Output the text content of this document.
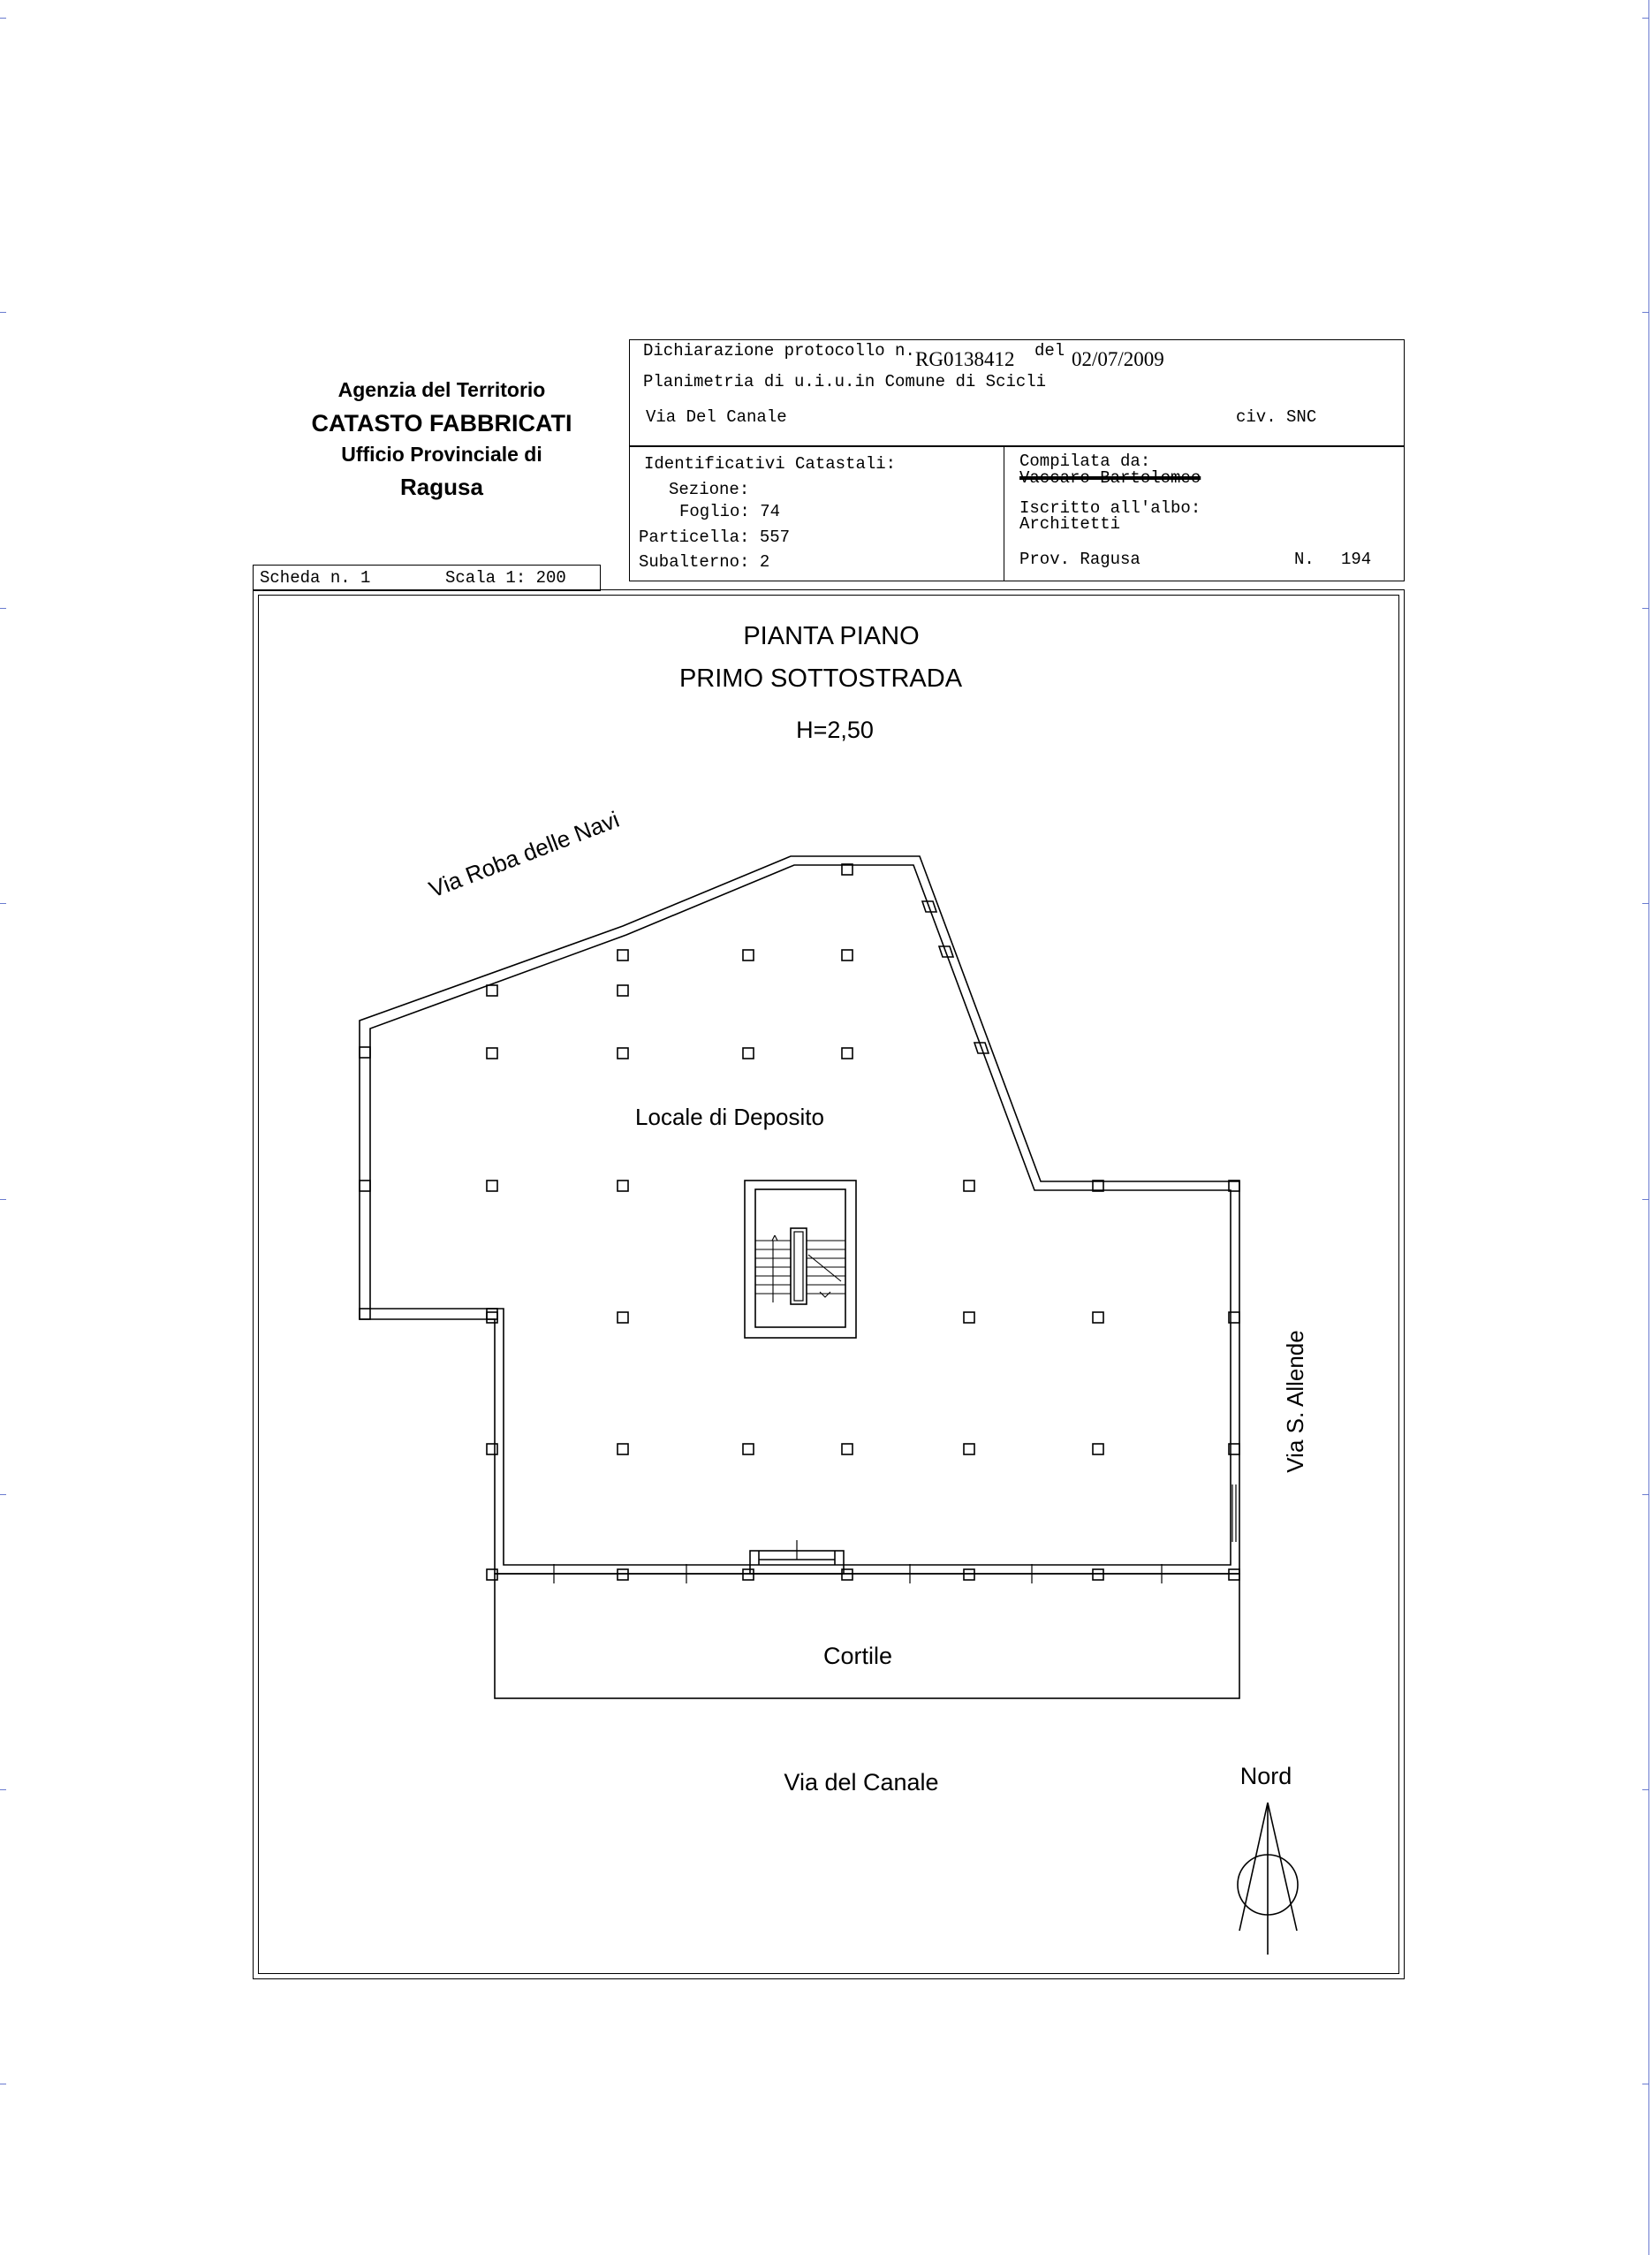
Agenzia del Territorio
CATASTO FABBRICATI
Ufficio Provinciale di
Ragusa
Dichiarazione protocollo n. RG0138412 del 02/07/2009
Planimetria di u.i.u.in Comune di Scicli
Via Del Canale	civ. SNC
Identificativi Catastali:
Sezione:
Foglio: 74
Particella: 557
Subalterno: 2
Compilata da:
Vaccaro Bartolomeo
Iscritto all'albo:
Architetti
Prov. Ragusa	N. 194
Scheda n. 1	Scala 1: 200
PIANTA PIANO
PRIMO SOTTOSTRADA
H=2,50
Locale di Deposito
Via Roba delle Navi
Via S. Allende
Cortile
Via del Canale	Nord
